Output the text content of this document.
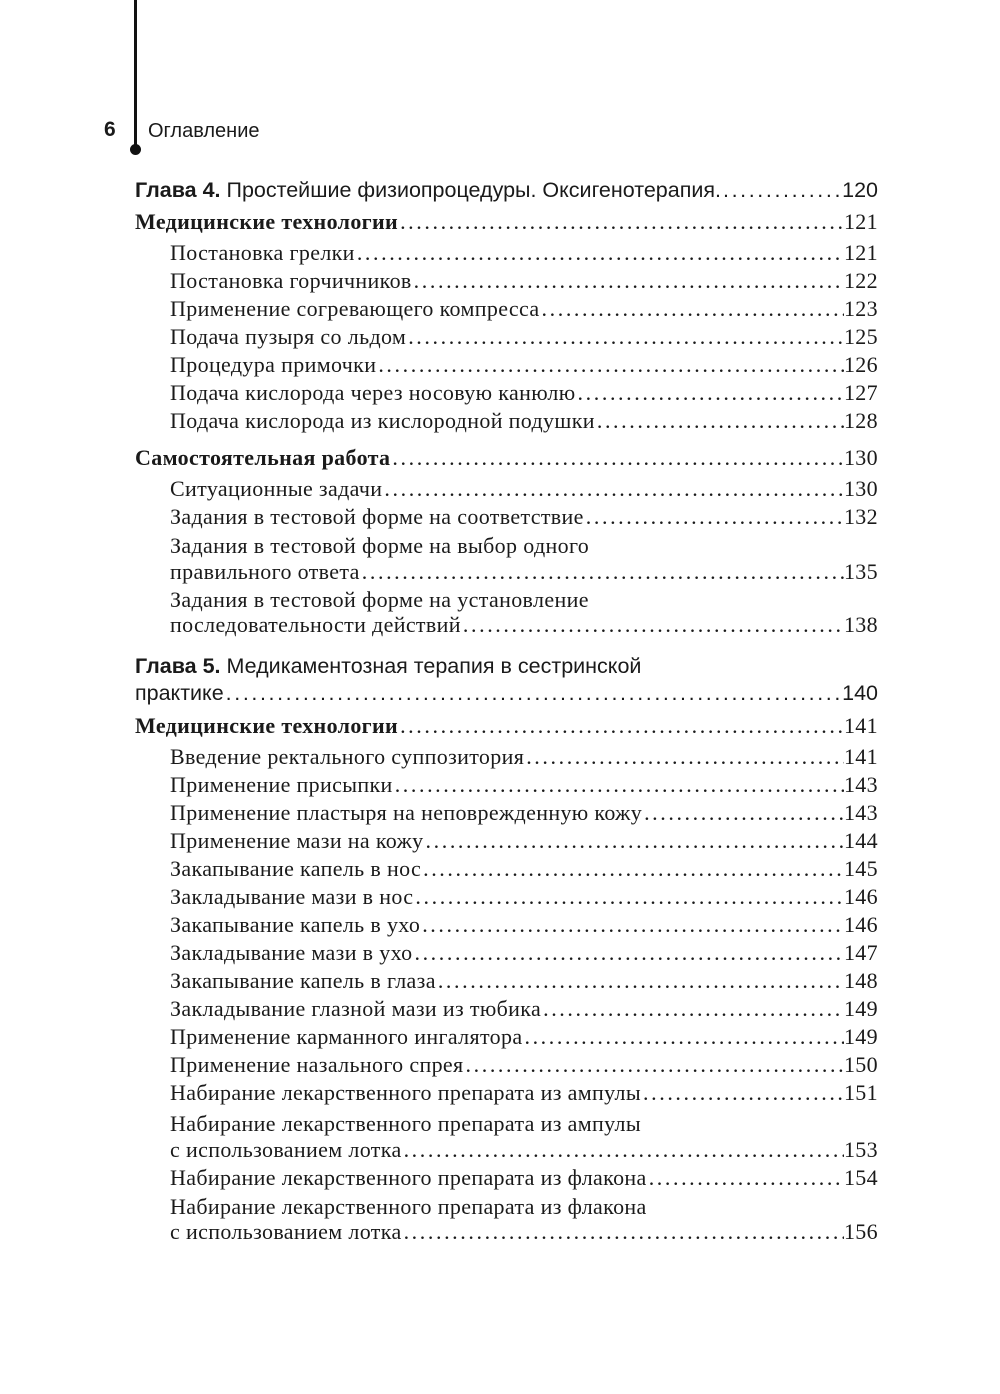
6 Оглавление
Глава 4. Простейшие физиопроцедуры. Оксигенотерапия. .....	120
Медицинские технологии .....	121
Постановка грелки .....	121
Постановка горчичников .....	122
Применение согревающего компресса .....	123
Подача пузыря со льдом .....	125
Процедура примочки .....	126
Подача кислорода через носовую канюлю .....	127
Подача кислорода из кислородной подушки .....	128
Самостоятельная работа .....	130
Ситуационные задачи .....	130
Задания в тестовой форме на соответствие .....	132
Задания в тестовой форме на выбор одного
правильного ответа .....	135
Задания в тестовой форме на установление
последовательности действий .....	138
Глава 5. Медикаментозная терапия в сестринской
практике .....	140
Медицинские технологии .....	141
Введение ректального суппозитория .....	141
Применение присыпки .....	143
Применение пластыря на неповрежденную кожу .....	143
Применение мази на кожу .....	144
Закапывание капель в нос .....	145
Закладывание мази в нос .....	146
Закапывание капель в ухо .....	146
Закладывание мази в ухо .....	147
Закапывание капель в глаза .....	148
Закладывание глазной мази из тюбика .....	149
Применение карманного ингалятора .....	149
Применение назального спрея .....	150
Набирание лекарственного препарата из ампулы .....	151
Набирание лекарственного препарата из ампулы
с использованием лотка .....	153
Набирание лекарственного препарата из флакона .....	154
Набирание лекарственного препарата из флакона
с использованием лотка .....	156
